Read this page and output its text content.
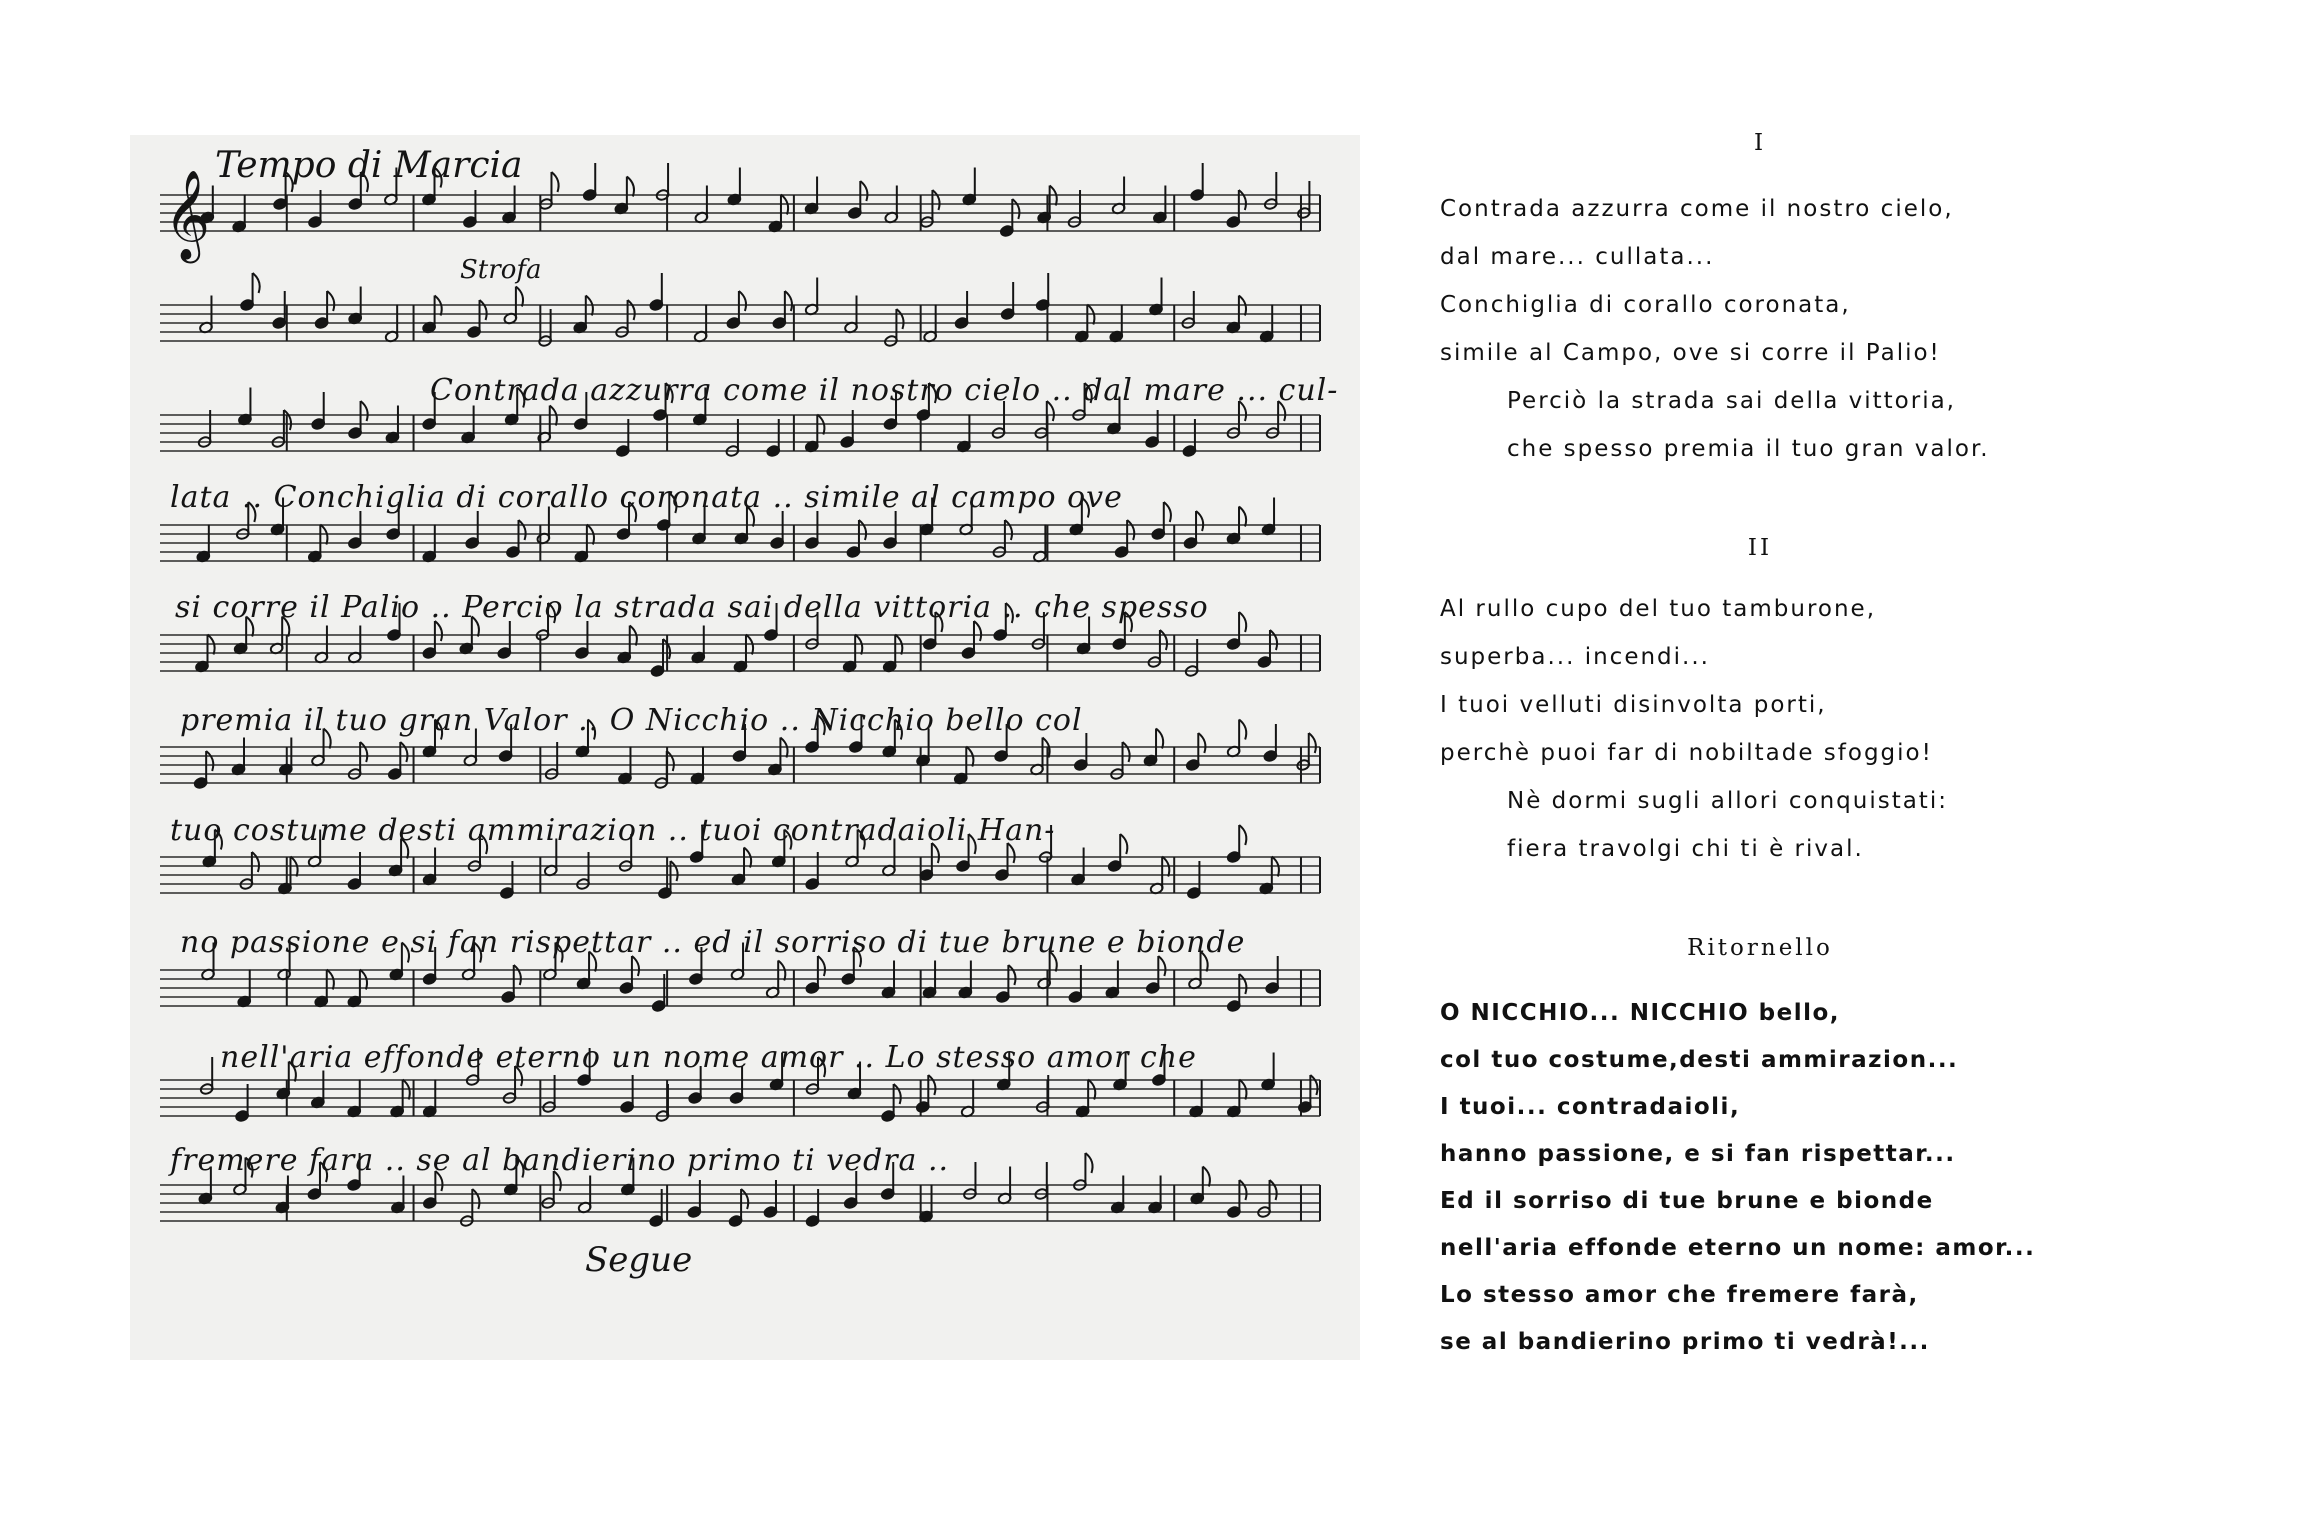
𝄞
Tempo di Marcia
Strofa
Contrada azzurra come il nostro cielo .. dal mare ... cul-
lata .. Conchiglia di corallo coronata .. simile al campo ove
si corre il Palio .. Percio la strada sai della vittoria .. che spesso
premia il tuo gran Valor .. O Nicchio .. Nicchio bello col
tuo costume desti ammirazion .. tuoi contradaioli Han-
no passione e si fan rispettar .. ed il sorriso di tue brune e bionde
nell'aria effonde eterno un nome amor .. Lo stesso amor che
fremere fara .. se al bandierino primo ti vedra ..
Segue
I
Contrada azzurra come il nostro cielo,
dal mare... cullata...
Conchiglia di corallo coronata,
simile al Campo, ove si corre il Palio!
Perciò la strada sai della vittoria,
che spesso premia il tuo gran valor.
II
Al rullo cupo del tuo tamburone,
superba... incendi...
I tuoi velluti disinvolta porti,
perchè puoi far di nobiltade sfoggio!
Nè dormi sugli allori conquistati:
fiera travolgi chi ti è rival.
Ritornello
O NICCHIO... NICCHIO bello,
col tuo costume,desti ammirazion...
I tuoi... contradaioli,
hanno passione, e si fan rispettar...
Ed il sorriso di tue brune e bionde
nell'aria effonde eterno un nome: amor...
Lo stesso amor che fremere farà,
se al bandierino primo ti vedrà!...
